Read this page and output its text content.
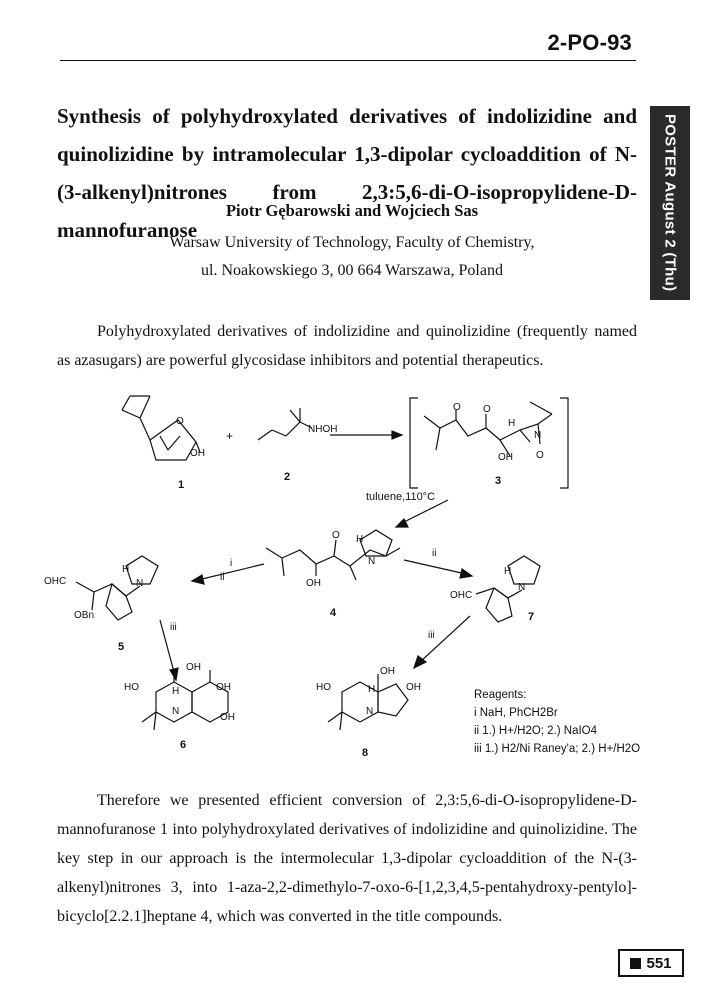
2-PO-93
POSTER August 2 (Thu)

Synthesis of polyhydroxylated derivatives of indolizidine and quinolizidine by intramolecular 1,3-dipolar cycloaddition of N-(3-alkenyl)nitrones from 2,3:5,6-di-O-isopropylidene-D-mannofuranose

Piotr Gębarowski and Wojciech Sas
Warsaw University of Technology, Faculty of Chemistry,
ul. Noakowskiego 3, 00 664 Warszawa, Poland

Polyhydroxylated derivatives of indolizidine and quinolizidine (frequently named as azasugars) are powerful glycosidase inhibitors and potential therapeutics.

1
2	3
4
5
6
7
8
+	NHOH
tuluene,110°C
i
ii
ii
iii
iii
O
OH
O O
OH
H
N
O
O
OH
H
N
OHC
OBn
H
N
OHC
H
N
OH
HO	OH
OH
H
N
OH
HO	OH
H
N
Reagents:
i NaH, PhCH2Br
ii 1.) H+/H2O; 2.) NaIO4
iii 1.) H2/Ni Raney'a; 2.) H+/H2O

Therefore we presented efficient conversion of 2,3:5,6-di-O-isopropylidene-D-mannofuranose 1 into polyhydroxylated derivatives of indolizidine and quinolizidine. The key step in our approach is the intermolecular 1,3-dipolar cycloaddition of the N-(3-alkenyl)nitrones 3, into 1-aza-2,2-dimethylo-7-oxo-6-[1,2,3,4,5-pentahydroxy-pentylo]-bicyclo[2.2.1]heptane 4, which was converted in the title compounds.

551
